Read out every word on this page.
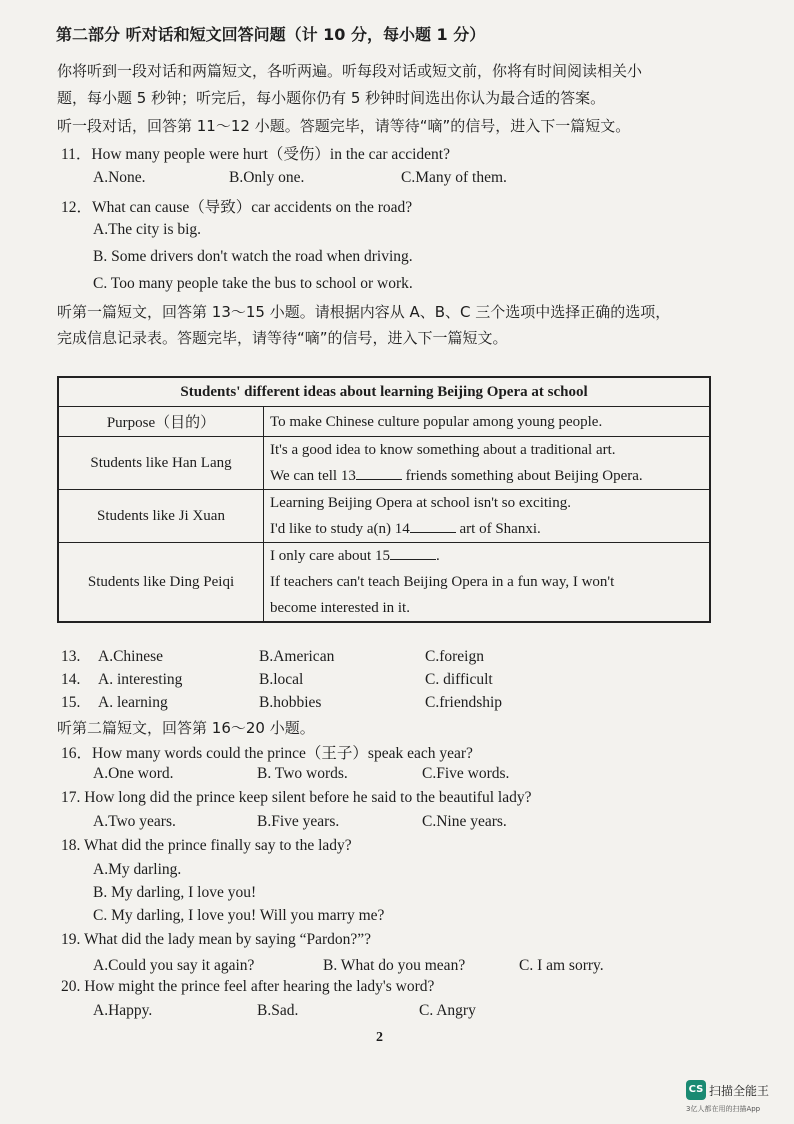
第二部分 听对话和短文回答问题（计 10 分，每小题 1 分）
你将听到一段对话和两篇短文，各听两遍。听每段对话或短文前，你将有时间阅读相关小
题，每小题 5 秒钟；听完后，每小题你仍有 5 秒钟时间选出你认为最合适的答案。
听一段对话，回答第 11～12 小题。答题完毕，请等待“嘀”的信号，进入下一篇短文。
11．How many people were hurt（受伤）in the car accident?
A.None.	B.Only one.	C.Many of them.
12．What can cause（导致）car accidents on the road?
A.The city is big.
B. Some drivers don't watch the road when driving.
C. Too many people take the bus to school or work.
听第一篇短文，回答第 13～15 小题。请根据内容从 A、B、C 三个选项中选择正确的选项，
完成信息记录表。答题完毕，请等待“嘀”的信号，进入下一篇短文。
Students' different ideas about learning Beijing Opera at school	
Purpose（目的）	To make Chinese culture popular among young people.

Students like Han Lang	It's a good idea to know something about a traditional art.
We can tell 13 friends something about Beijing Opera.

Students like Ji Xuan	Learning Beijing Opera at school isn't so exciting.
I'd like to study a(n) 14 art of Shanxi.

Students like Ding Peiqi	I only care about 15 .
If teachers can't teach Beijing Opera in a fun way, I won't
become interested in it.
13. A.Chinese	B.American	C.foreign
14. A. interesting	B.local	C. difficult
15. A. learning	B.hobbies	C.friendship
听第二篇短文，回答第 16～20 小题。
16．How many words could the prince（王子）speak each year?
A.One word.	B. Two words.	C.Five words.
17. How long did the prince keep silent before he said to the beautiful lady?
A.Two years.	B.Five years.	C.Nine years.
18. What did the prince finally say to the lady?
A.My darling.
B. My darling, I love you!
C. My darling, I love you! Will you marry me?
19. What did the lady mean by saying “Pardon?”?
A.Could you say it again?	B. What do you mean?	C. I am sorry.
20. How might the prince feel after hearing the lady's word?
A.Happy.	B.Sad.	C. Angry
2
CS 扫描全能王
3亿人都在用的扫描App
